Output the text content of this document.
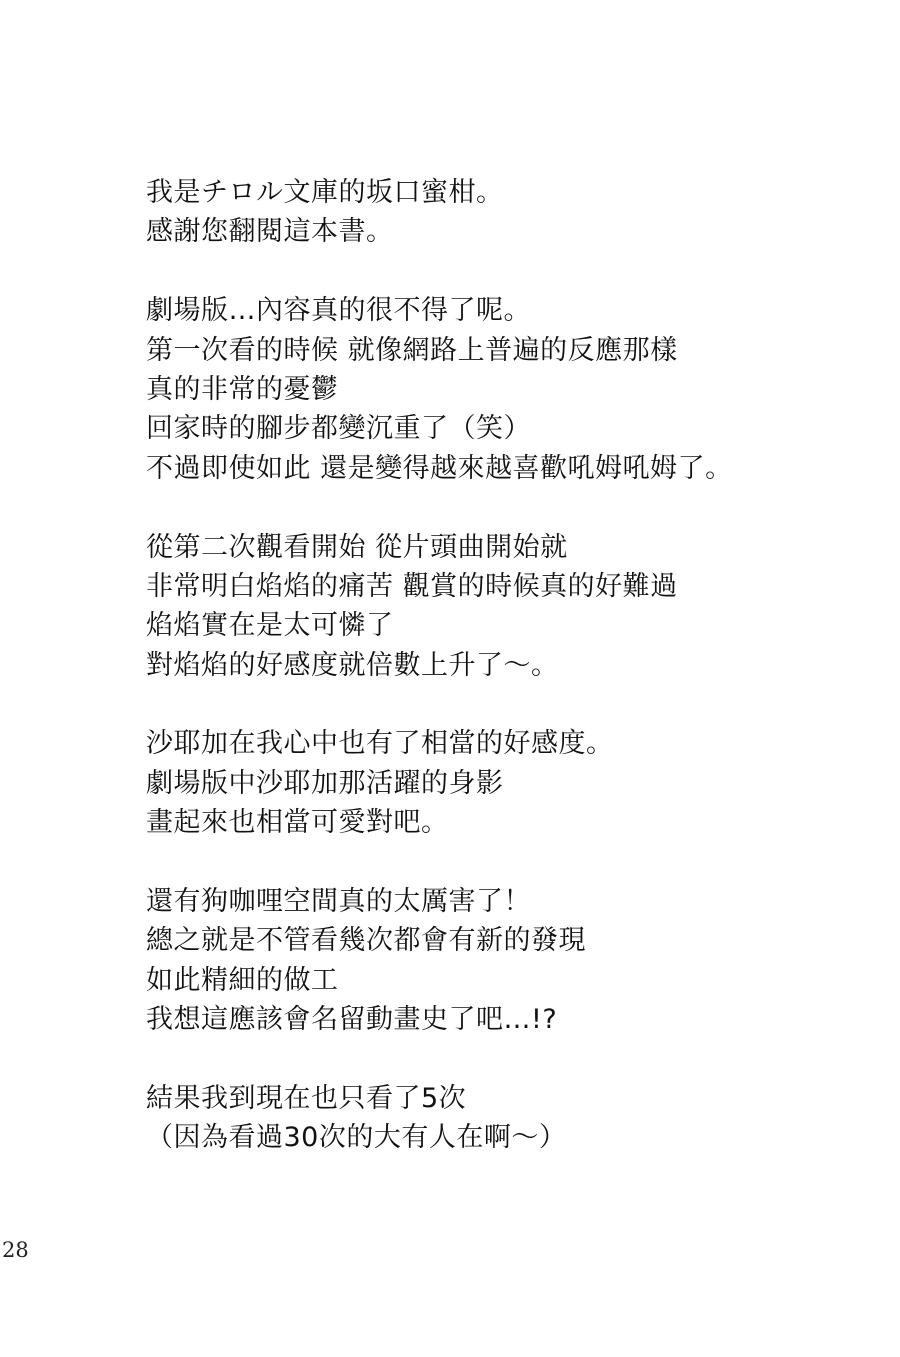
我是チロル文庫的坂口蜜柑。
感謝您翻閱這本書。
劇場版…內容真的很不得了呢。
第一次看的時候 就像網路上普遍的反應那樣
真的非常的憂鬱
回家時的腳步都變沉重了（笑）
不過即使如此 還是變得越來越喜歡吼姆吼姆了。
從第二次觀看開始 從片頭曲開始就
非常明白焰焰的痛苦 觀賞的時候真的好難過
焰焰實在是太可憐了
對焰焰的好感度就倍數上升了～。
沙耶加在我心中也有了相當的好感度。
劇場版中沙耶加那活躍的身影
畫起來也相當可愛對吧。
還有狗咖哩空間真的太厲害了！
總之就是不管看幾次都會有新的發現
如此精細的做工
我想這應該會名留動畫史了吧…!?
結果我到現在也只看了5次
（因為看過30次的大有人在啊～）
28
